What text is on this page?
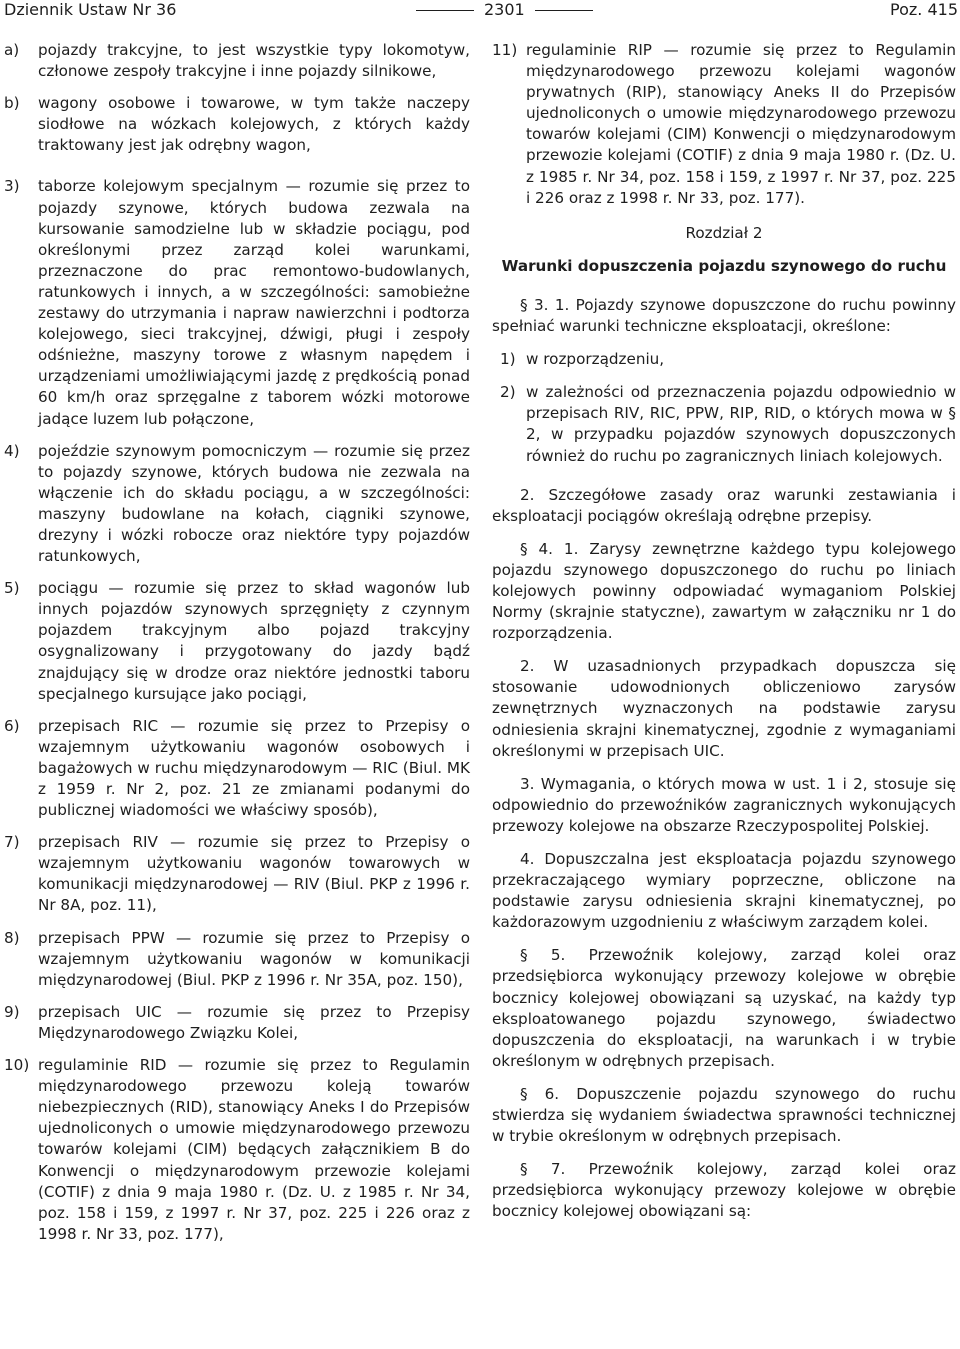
Dziennik Ustaw Nr 36	2301	Poz. 415
a) pojazdy trakcyjne, to jest wszystkie typy lokomotyw, członowe zespoły trakcyjne i inne pojazdy silnikowe,
b) wagony osobowe i towarowe, w tym także naczepy siodłowe na wózkach kolejowych, z których każdy traktowany jest jak odrębny wagon,
3) taborze kolejowym specjalnym — rozumie się przez to pojazdy szynowe, których budowa zezwala na kursowanie samodzielne lub w składzie pociągu, pod określonymi przez zarząd kolei warunkami, przeznaczone do prac remontowo-budowlanych, ratunkowych i innych, a w szczególności: samobieżne zestawy do utrzymania i napraw nawierzchni i podtorza kolejowego, sieci trakcyjnej, dźwigi, pługi i zespoły odśnieżne, maszyny torowe z własnym napędem i urządzeniami umożliwiającymi jazdę z prędkością ponad 60 km/h oraz sprzęgalne z taborem wózki motorowe jadące luzem lub połączone,
4) pojeździe szynowym pomocniczym — rozumie się przez to pojazdy szynowe, których budowa nie zezwala na włączenie ich do składu pociągu, a w szczególności: maszyny budowlane na kołach, ciągniki szynowe, drezyny i wózki robocze oraz niektóre typy pojazdów ratunkowych,
5) pociągu — rozumie się przez to skład wagonów lub innych pojazdów szynowych sprzęgnięty z czynnym pojazdem trakcyjnym albo pojazd trakcyjny osygnalizowany i przygotowany do jazdy bądź znajdujący się w drodze oraz niektóre jednostki taboru specjalnego kursujące jako pociągi,
6) przepisach RIC — rozumie się przez to Przepisy o wzajemnym użytkowaniu wagonów osobowych i bagażowych w ruchu międzynarodowym — RIC (Biul. MK z 1959 r. Nr 2, poz. 21 ze zmianami podanymi do publicznej wiadomości we właściwy sposób),
7) przepisach RIV — rozumie się przez to Przepisy o wzajemnym użytkowaniu wagonów towarowych w komunikacji międzynarodowej — RIV (Biul. PKP z 1996 r. Nr 8A, poz. 11),
8) przepisach PPW — rozumie się przez to Przepisy o wzajemnym użytkowaniu wagonów w komunikacji międzynarodowej (Biul. PKP z 1996 r. Nr 35A, poz. 150),
9) przepisach UIC — rozumie się przez to Przepisy Międzynarodowego Związku Kolei,
10) regulaminie RID — rozumie się przez to Regulamin międzynarodowego przewozu koleją towarów niebezpiecznych (RID), stanowiący Aneks I do Przepisów ujednoliconych o umowie międzynarodowego przewozu towarów kolejami (CIM) będących załącznikiem B do Konwencji o międzynarodowym przewozie kolejami (COTIF) z dnia 9 maja 1980 r. (Dz. U. z 1985 r. Nr 34, poz. 158 i 159, z 1997 r. Nr 37, poz. 225 i 226 oraz z 1998 r. Nr 33, poz. 177),
11) regulaminie RIP — rozumie się przez to Regulamin międzynarodowego przewozu kolejami wagonów prywatnych (RIP), stanowiący Aneks II do Przepisów ujednoliconych o umowie międzynarodowego przewozu towarów kolejami (CIM) Konwencji o międzynarodowym przewozie kolejami (COTIF) z dnia 9 maja 1980 r. (Dz. U. z 1985 r. Nr 34, poz. 158 i 159, z 1997 r. Nr 37, poz. 225 i 226 oraz z 1998 r. Nr 33, poz. 177).
Rozdział 2
Warunki dopuszczenia pojazdu szynowego do ruchu
§ 3. 1. Pojazdy szynowe dopuszczone do ruchu powinny spełniać warunki techniczne eksploatacji, określone:
1) w rozporządzeniu,
2) w zależności od przeznaczenia pojazdu odpowiednio w przepisach RIV, RIC, PPW, RIP, RID, o których mowa w § 2, w przypadku pojazdów szynowych dopuszczonych również do ruchu po zagranicznych liniach kolejowych.
2. Szczegółowe zasady oraz warunki zestawiania i eksploatacji pociągów określają odrębne przepisy.
§ 4. 1. Zarysy zewnętrzne każdego typu kolejowego pojazdu szynowego dopuszczonego do ruchu po liniach kolejowych powinny odpowiadać wymaganiom Polskiej Normy (skrajnie statyczne), zawartym w załączniku nr 1 do rozporządzenia.
2. W uzasadnionych przypadkach dopuszcza się stosowanie udowodnionych obliczeniowo zarysów zewnętrznych wyznaczonych na podstawie zarysu odniesienia skrajni kinematycznej, zgodnie z wymaganiami określonymi w przepisach UIC.
3. Wymagania, o których mowa w ust. 1 i 2, stosuje się odpowiednio do przewoźników zagranicznych wykonujących przewozy kolejowe na obszarze Rzeczypospolitej Polskiej.
4. Dopuszczalna jest eksploatacja pojazdu szynowego przekraczającego wymiary poprzeczne, obliczone na podstawie zarysu odniesienia skrajni kinematycznej, po każdorazowym uzgodnieniu z właściwym zarządem kolei.
§ 5. Przewoźnik kolejowy, zarząd kolei oraz przedsiębiorca wykonujący przewozy kolejowe w obrębie bocznicy kolejowej obowiązani są uzyskać, na każdy typ eksploatowanego pojazdu szynowego, świadectwo dopuszczenia do eksploatacji, na warunkach i w trybie określonym w odrębnych przepisach.
§ 6. Dopuszczenie pojazdu szynowego do ruchu stwierdza się wydaniem świadectwa sprawności technicznej w trybie określonym w odrębnych przepisach.
§ 7. Przewoźnik kolejowy, zarząd kolei oraz przedsiębiorca wykonujący przewozy kolejowe w obrębie bocznicy kolejowej obowiązani są:
